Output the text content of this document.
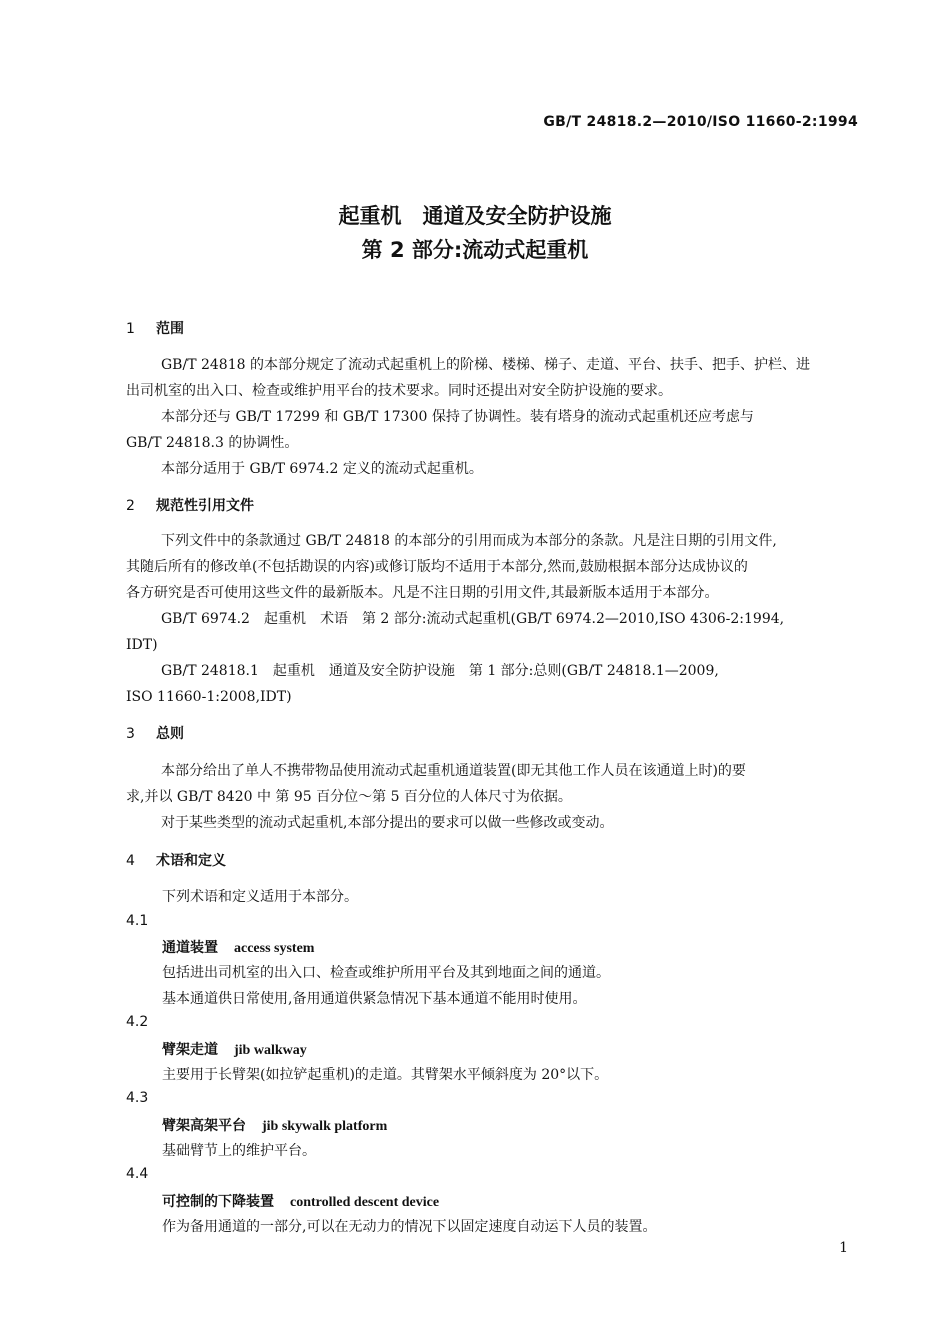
GB/T 24818.2—2010/ISO 11660-2:1994
起重机　通道及安全防护设施
第 2 部分:流动式起重机
1 范围
GB/T 24818 的本部分规定了流动式起重机上的阶梯、楼梯、梯子、走道、平台、扶手、把手、护栏、进
出司机室的出入口、检查或维护用平台的技术要求。同时还提出对安全防护设施的要求。
本部分还与 GB/T 17299 和 GB/T 17300 保持了协调性。装有塔身的流动式起重机还应考虑与
GB/T 24818.3 的协调性。
本部分适用于 GB/T 6974.2 定义的流动式起重机。
2 规范性引用文件
下列文件中的条款通过 GB/T 24818 的本部分的引用而成为本部分的条款。凡是注日期的引用文件,
其随后所有的修改单(不包括勘误的内容)或修订版均不适用于本部分,然而,鼓励根据本部分达成协议的
各方研究是否可使用这些文件的最新版本。凡是不注日期的引用文件,其最新版本适用于本部分。
GB/T 6974.2　起重机　术语　第 2 部分:流动式起重机(GB/T 6974.2—2010,ISO 4306-2:1994,
IDT)
GB/T 24818.1　起重机　通道及安全防护设施　第 1 部分:总则(GB/T 24818.1—2009,
ISO 11660-1:2008,IDT)
3 总则
本部分给出了单人不携带物品使用流动式起重机通道装置(即无其他工作人员在该通道上时)的要
求,并以 GB/T 8420 中 第 95 百分位～第 5 百分位的人体尺寸为依据。
对于某些类型的流动式起重机,本部分提出的要求可以做一些修改或变动。
4 术语和定义
下列术语和定义适用于本部分。
4.1
通道装置 access system
包括进出司机室的出入口、检查或维护所用平台及其到地面之间的通道。
基本通道供日常使用,备用通道供紧急情况下基本通道不能用时使用。
4.2
臂架走道 jib walkway
主要用于长臂架(如拉铲起重机)的走道。其臂架水平倾斜度为 20°以下。
4.3
臂架高架平台 jib skywalk platform
基础臂节上的维护平台。
4.4
可控制的下降装置 controlled descent device
作为备用通道的一部分,可以在无动力的情况下以固定速度自动运下人员的装置。
1
